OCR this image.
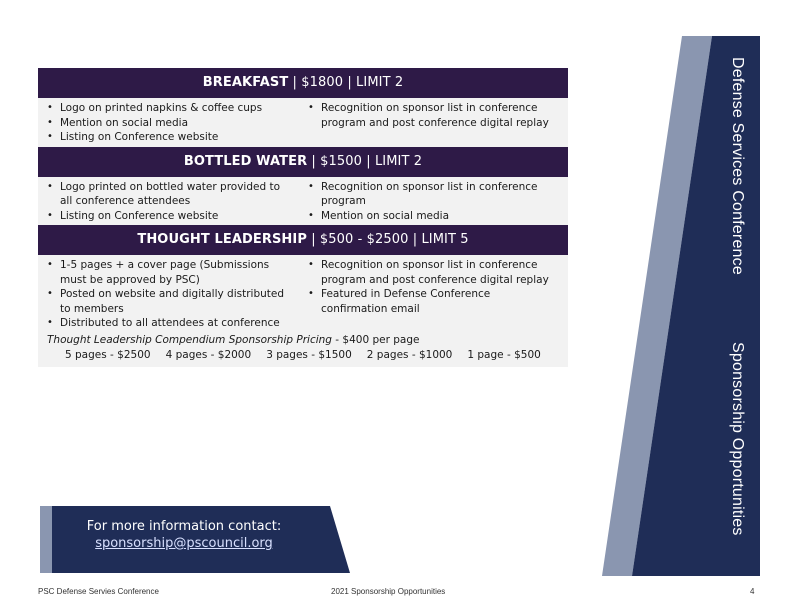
BREAKFAST | $1800 | LIMIT 2
• Logo on printed napkins & coffee cups
• Mention on social media
• Listing on Conference website
• Recognition on sponsor list in conference program and post conference digital replay
BOTTLED WATER | $1500 | LIMIT 2
• Logo printed on bottled water provided to all conference attendees
• Listing on Conference website
• Recognition on sponsor list in conference program
• Mention on social media
THOUGHT LEADERSHIP | $500 - $2500 | LIMIT 5
• 1-5 pages + a cover page (Submissions must be approved by PSC)
• Posted on website and digitally distributed to members
• Distributed to all attendees at conference
• Recognition on sponsor list in conference program and post conference digital replay
• Featured in Defense Conference confirmation email
Thought Leadership Compendium Sponsorship Pricing - $400 per page
5 pages - $2500 4 pages - $2000 3 pages - $1500 2 pages - $1000 1 page - $500
Defense Services Conference
Sponsorship Opportunities
For more information contact:
sponsorship@pscouncil.org
PSC Defense Servies Conference	2021 Sponsorship Opportunities	4
